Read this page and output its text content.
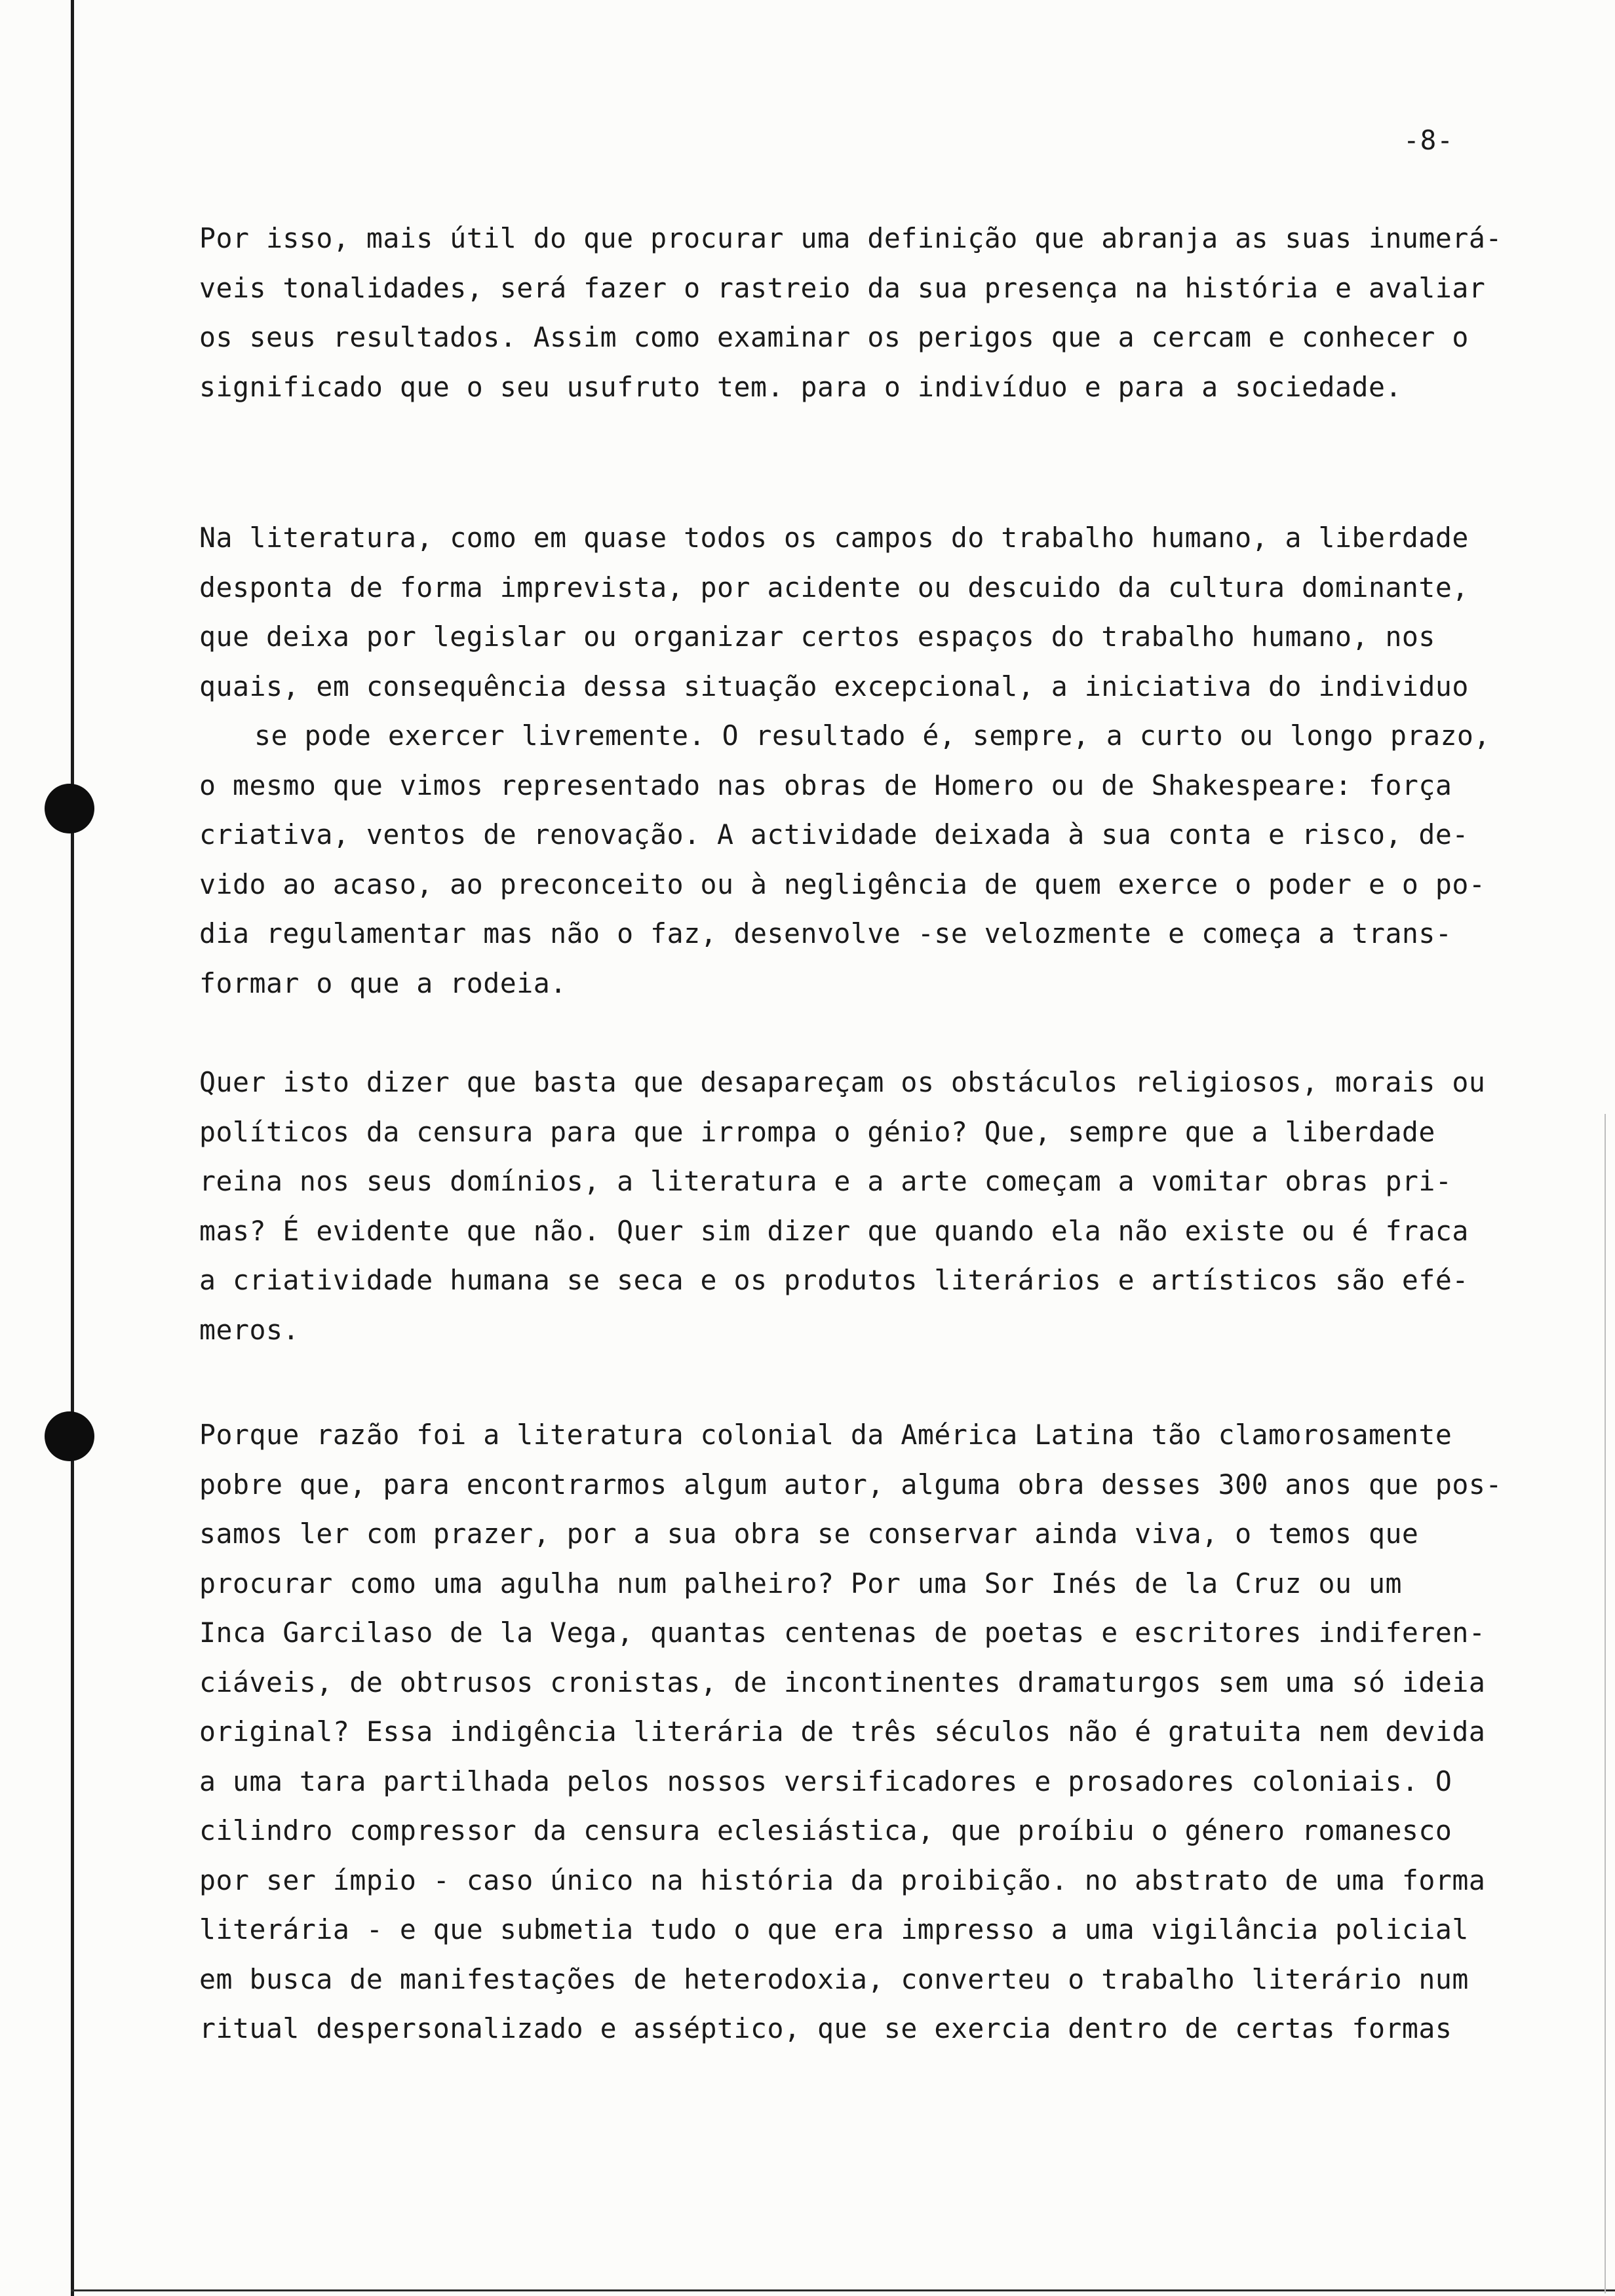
-8-
Por isso, mais útil do que procurar uma definição que abranja as suas inumerá-
veis tonalidades, será fazer o rastreio da sua presença na história e avaliar
os seus resultados. Assim como examinar os perigos que a cercam e conhecer o
significado que o seu usufruto tem. para o indivíduo e para a sociedade.
Na literatura, como em quase todos os campos do trabalho humano, a liberdade
desponta de forma imprevista, por acidente ou descuido da cultura dominante,
que deixa por legislar ou organizar certos espaços do trabalho humano, nos
quais, em consequência dessa situação excepcional, a iniciativa do individuo
se pode exercer livremente. O resultado é, sempre, a curto ou longo prazo,
o mesmo que vimos representado nas obras de Homero ou de Shakespeare: força
criativa, ventos de renovação. A actividade deixada à sua conta e risco, de-
vido ao acaso, ao preconceito ou à negligência de quem exerce o poder e o po-
dia regulamentar mas não o faz, desenvolve -se velozmente e começa a trans-
formar o que a rodeia.
Quer isto dizer que basta que desapareçam os obstáculos religiosos, morais ou
políticos da censura para que irrompa o génio? Que, sempre que a liberdade
reina nos seus domínios, a literatura e a arte começam a vomitar obras pri-
mas? É evidente que não. Quer sim dizer que quando ela não existe ou é fraca
a criatividade humana se seca e os produtos literários e artísticos são efé-
meros.
Porque razão foi a literatura colonial da América Latina tão clamorosamente
pobre que, para encontrarmos algum autor, alguma obra desses 300 anos que pos-
samos ler com prazer, por a sua obra se conservar ainda viva, o temos que
procurar como uma agulha num palheiro? Por uma Sor Inés de la Cruz ou um
Inca Garcilaso de la Vega, quantas centenas de poetas e escritores indiferen-
ciáveis, de obtrusos cronistas, de incontinentes dramaturgos sem uma só ideia
original? Essa indigência literária de três séculos não é gratuita nem devida
a uma tara partilhada pelos nossos versificadores e prosadores coloniais. O
cilindro compressor da censura eclesiástica, que proíbiu o género romanesco
por ser ímpio - caso único na história da proibição. no abstrato de uma forma
literária - e que submetia tudo o que era impresso a uma vigilância policial
em busca de manifestações de heterodoxia, converteu o trabalho literário num
ritual despersonalizado e asséptico, que se exercia dentro de certas formas
